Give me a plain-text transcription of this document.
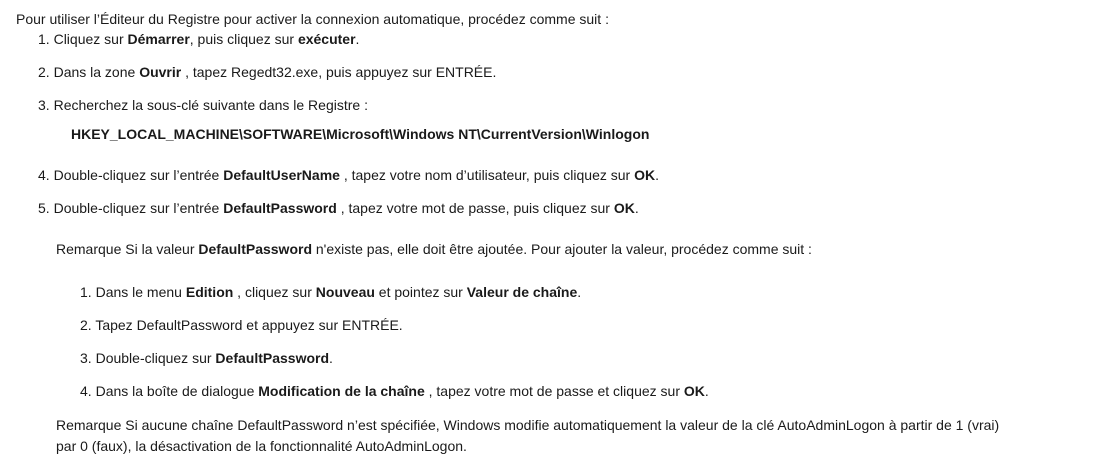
Pour utiliser l’Éditeur du Registre pour activer la connexion automatique, procédez comme suit :
1. Cliquez sur Démarrer, puis cliquez sur exécuter.
2. Dans la zone Ouvrir , tapez Regedt32.exe, puis appuyez sur ENTRÉE.
3. Recherchez la sous-clé suivante dans le Registre :
HKEY_LOCAL_MACHINE\SOFTWARE\Microsoft\Windows NT\CurrentVersion\Winlogon
4. Double-cliquez sur l’entrée DefaultUserName , tapez votre nom d’utilisateur, puis cliquez sur OK.
5. Double-cliquez sur l’entrée DefaultPassword , tapez votre mot de passe, puis cliquez sur OK.
Remarque Si la valeur DefaultPassword n'existe pas, elle doit être ajoutée. Pour ajouter la valeur, procédez comme suit :
1. Dans le menu Edition , cliquez sur Nouveau et pointez sur Valeur de chaîne.
2. Tapez DefaultPassword et appuyez sur ENTRÉE.
3. Double-cliquez sur DefaultPassword.
4. Dans la boîte de dialogue Modification de la chaîne , tapez votre mot de passe et cliquez sur OK.
Remarque Si aucune chaîne DefaultPassword n’est spécifiée, Windows modifie automatiquement la valeur de la clé AutoAdminLogon à partir de 1 (vrai)
par 0 (faux), la désactivation de la fonctionnalité AutoAdminLogon.
